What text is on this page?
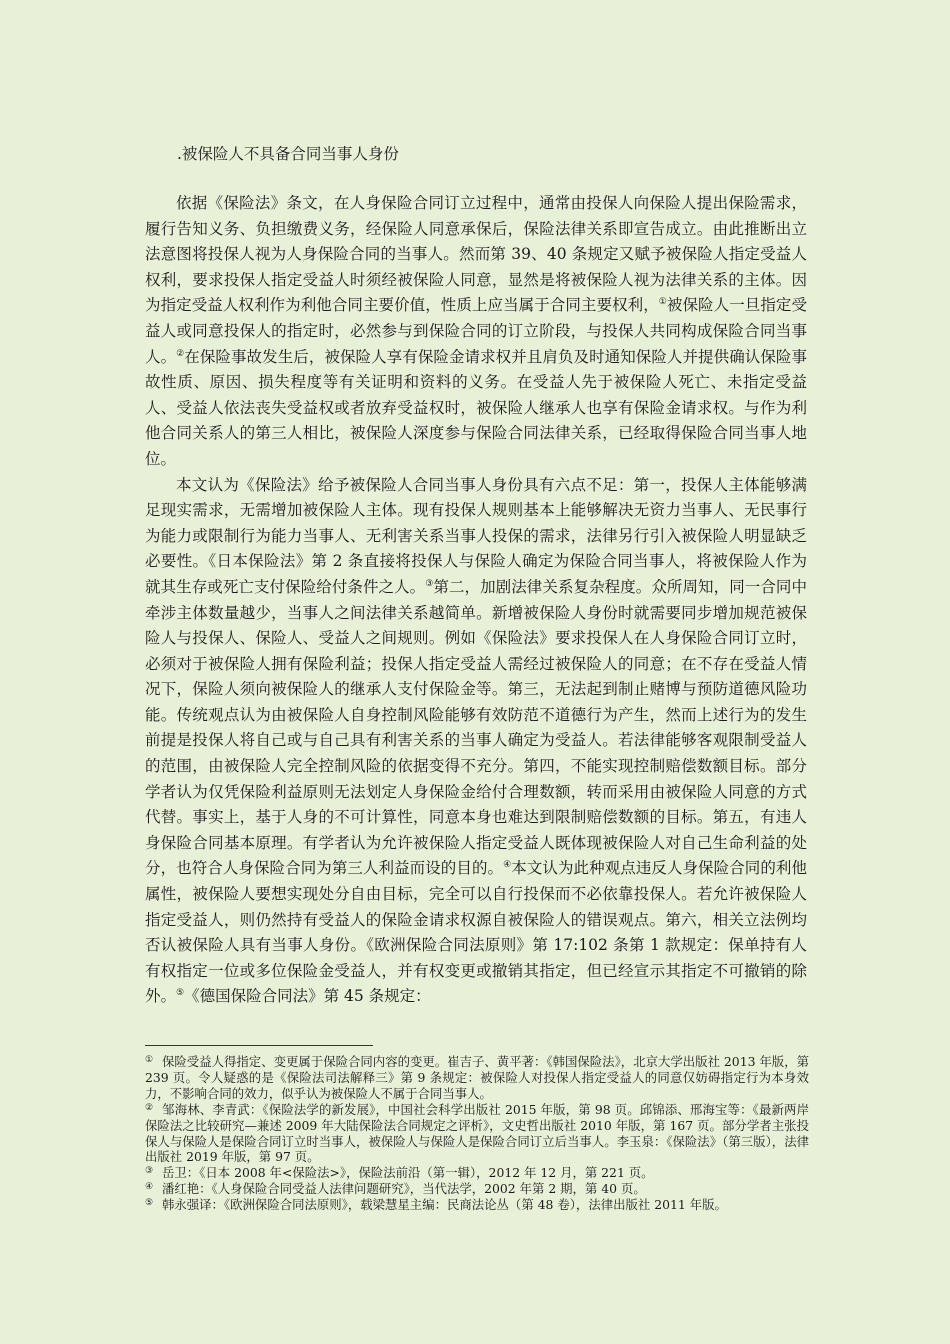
.被保险人不具备合同当事人身份

依据《保险法》条文，在人身保险合同订立过程中，通常由投保人向保险人提出保险需求，履行告知义务、负担缴费义务，经保险人同意承保后，保险法律关系即宣告成立。由此推断出立法意图将投保人视为人身保险合同的当事人。然而第 39、40 条规定又赋予被保险人指定受益人权利，要求投保人指定受益人时须经被保险人同意，显然是将被保险人视为法律关系的主体。因为指定受益人权利作为利他合同主要价值，性质上应当属于合同主要权利，①被保险人一旦指定受益人或同意投保人的指定时，必然参与到保险合同的订立阶段，与投保人共同构成保险合同当事人。②在保险事故发生后，被保险人享有保险金请求权并且肩负及时通知保险人并提供确认保险事故性质、原因、损失程度等有关证明和资料的义务。在受益人先于被保险人死亡、未指定受益人、受益人依法丧失受益权或者放弃受益权时，被保险人继承人也享有保险金请求权。与作为利他合同关系人的第三人相比，被保险人深度参与保险合同法律关系，已经取得保险合同当事人地位。

本文认为《保险法》给予被保险人合同当事人身份具有六点不足：第一，投保人主体能够满足现实需求，无需增加被保险人主体。现有投保人规则基本上能够解决无资力当事人、无民事行为能力或限制行为能力当事人、无利害关系当事人投保的需求，法律另行引入被保险人明显缺乏必要性。《日本保险法》第 2 条直接将投保人与保险人确定为保险合同当事人，将被保险人作为就其生存或死亡支付保险给付条件之人。③第二，加剧法律关系复杂程度。众所周知，同一合同中牵涉主体数量越少，当事人之间法律关系越简单。新增被保险人身份时就需要同步增加规范被保险人与投保人、保险人、受益人之间规则。例如《保险法》要求投保人在人身保险合同订立时，必须对于被保险人拥有保险利益；投保人指定受益人需经过被保险人的同意；在不存在受益人情况下，保险人须向被保险人的继承人支付保险金等。第三，无法起到制止赌博与预防道德风险功能。传统观点认为由被保险人自身控制风险能够有效防范不道德行为产生，然而上述行为的发生前提是投保人将自己或与自己具有利害关系的当事人确定为受益人。若法律能够客观限制受益人的范围，由被保险人完全控制风险的依据变得不充分。第四，不能实现控制赔偿数额目标。部分学者认为仅凭保险利益原则无法划定人身保险金给付合理数额，转而采用由被保险人同意的方式代替。事实上，基于人身的不可计算性，同意本身也难达到限制赔偿数额的目标。第五，有违人身保险合同基本原理。有学者认为允许被保险人指定受益人既体现被保险人对自己生命利益的处分，也符合人身保险合同为第三人利益而设的目的。④本文认为此种观点违反人身保险合同的利他属性，被保险人要想实现处分自由目标，完全可以自行投保而不必依靠投保人。若允许被保险人指定受益人，则仍然持有受益人的保险金请求权源自被保险人的错误观点。第六，相关立法例均否认被保险人具有当事人身份。《欧洲保险合同法原则》第 17:102 条第 1 款规定：保单持有人有权指定一位或多位保险金受益人，并有权变更或撤销其指定，但已经宣示其指定不可撤销的除外。⑤《德国保险合同法》第 45 条规定：

① 保险受益人得指定、变更属于保险合同内容的变更。崔吉子、黄平著：《韩国保险法》，北京大学出版社 2013 年版，第 239 页。令人疑惑的是《保险法司法解释三》第 9 条规定：被保险人对投保人指定受益人的同意仅妨碍指定行为本身效力，不影响合同的效力，似乎认为被保险人不属于合同当事人。
② 邹海林、李青武：《保险法学的新发展》，中国社会科学出版社 2015 年版，第 98 页。邱锦添、邢海宝等：《最新两岸保险法之比较研究—兼述 2009 年大陆保险法合同规定之评析》，文史哲出版社 2010 年版，第 167 页。部分学者主张投保人与保险人是保险合同订立时当事人，被保险人与保险人是保险合同订立后当事人。李玉泉：《保险法》（第三版），法律出版社 2019 年版，第 97 页。
③ 岳卫：《日本 2008 年<保险法>》，保险法前沿（第一辑），2012 年 12 月，第 221 页。
④ 潘红艳：《人身保险合同受益人法律问题研究》，当代法学，2002 年第 2 期，第 40 页。
⑤ 韩永强译：《欧洲保险合同法原则》，载梁慧星主编：民商法论丛（第 48 卷），法律出版社 2011 年版。
